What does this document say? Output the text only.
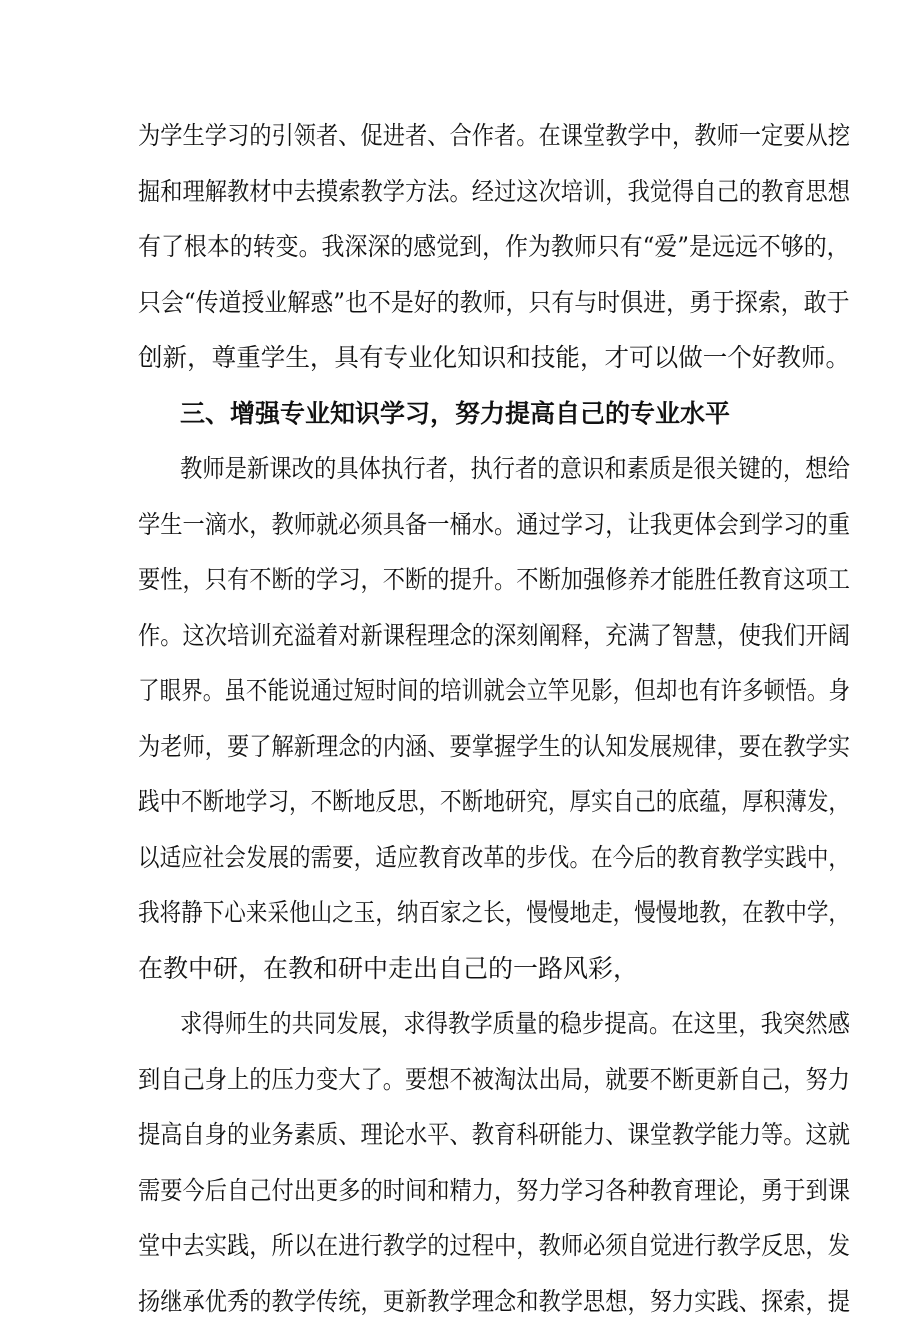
为学生学习的引领者、促进者、合作者。在课堂教学中，教师一定要从挖
掘和理解教材中去摸索教学方法。经过这次培训，我觉得自己的教育思想
有了根本的转变。我深深的感觉到，作为教师只有“爱”是远远不够的，
只会“传道授业解惑”也不是好的教师，只有与时俱进，勇于探索，敢于
创新，尊重学生，具有专业化知识和技能，才可以做一个好教师。
三、增强专业知识学习，努力提高自己的专业水平
教师是新课改的具体执行者，执行者的意识和素质是很关键的，想给
学生一滴水，教师就必须具备一桶水。通过学习，让我更体会到学习的重
要性，只有不断的学习，不断的提升。不断加强修养才能胜任教育这项工
作。这次培训充溢着对新课程理念的深刻阐释，充满了智慧，使我们开阔
了眼界。虽不能说通过短时间的培训就会立竿见影，但却也有许多顿悟。身
为老师，要了解新理念的内涵、要掌握学生的认知发展规律，要在教学实
践中不断地学习，不断地反思，不断地研究，厚实自己的底蕴，厚积薄发，
以适应社会发展的需要，适应教育改革的步伐。在今后的教育教学实践中，
我将静下心来采他山之玉，纳百家之长，慢慢地走，慢慢地教，在教中学，
在教中研，在教和研中走出自己的一路风彩，
求得师生的共同发展，求得教学质量的稳步提高。在这里，我突然感
到自己身上的压力变大了。要想不被淘汰出局，就要不断更新自己，努力
提高自身的业务素质、理论水平、教育科研能力、课堂教学能力等。这就
需要今后自己付出更多的时间和精力，努力学习各种教育理论，勇于到课
堂中去实践，所以在进行教学的过程中，教师必须自觉进行教学反思，发
扬继承优秀的教学传统，更新教学理念和教学思想，努力实践、探索，提
